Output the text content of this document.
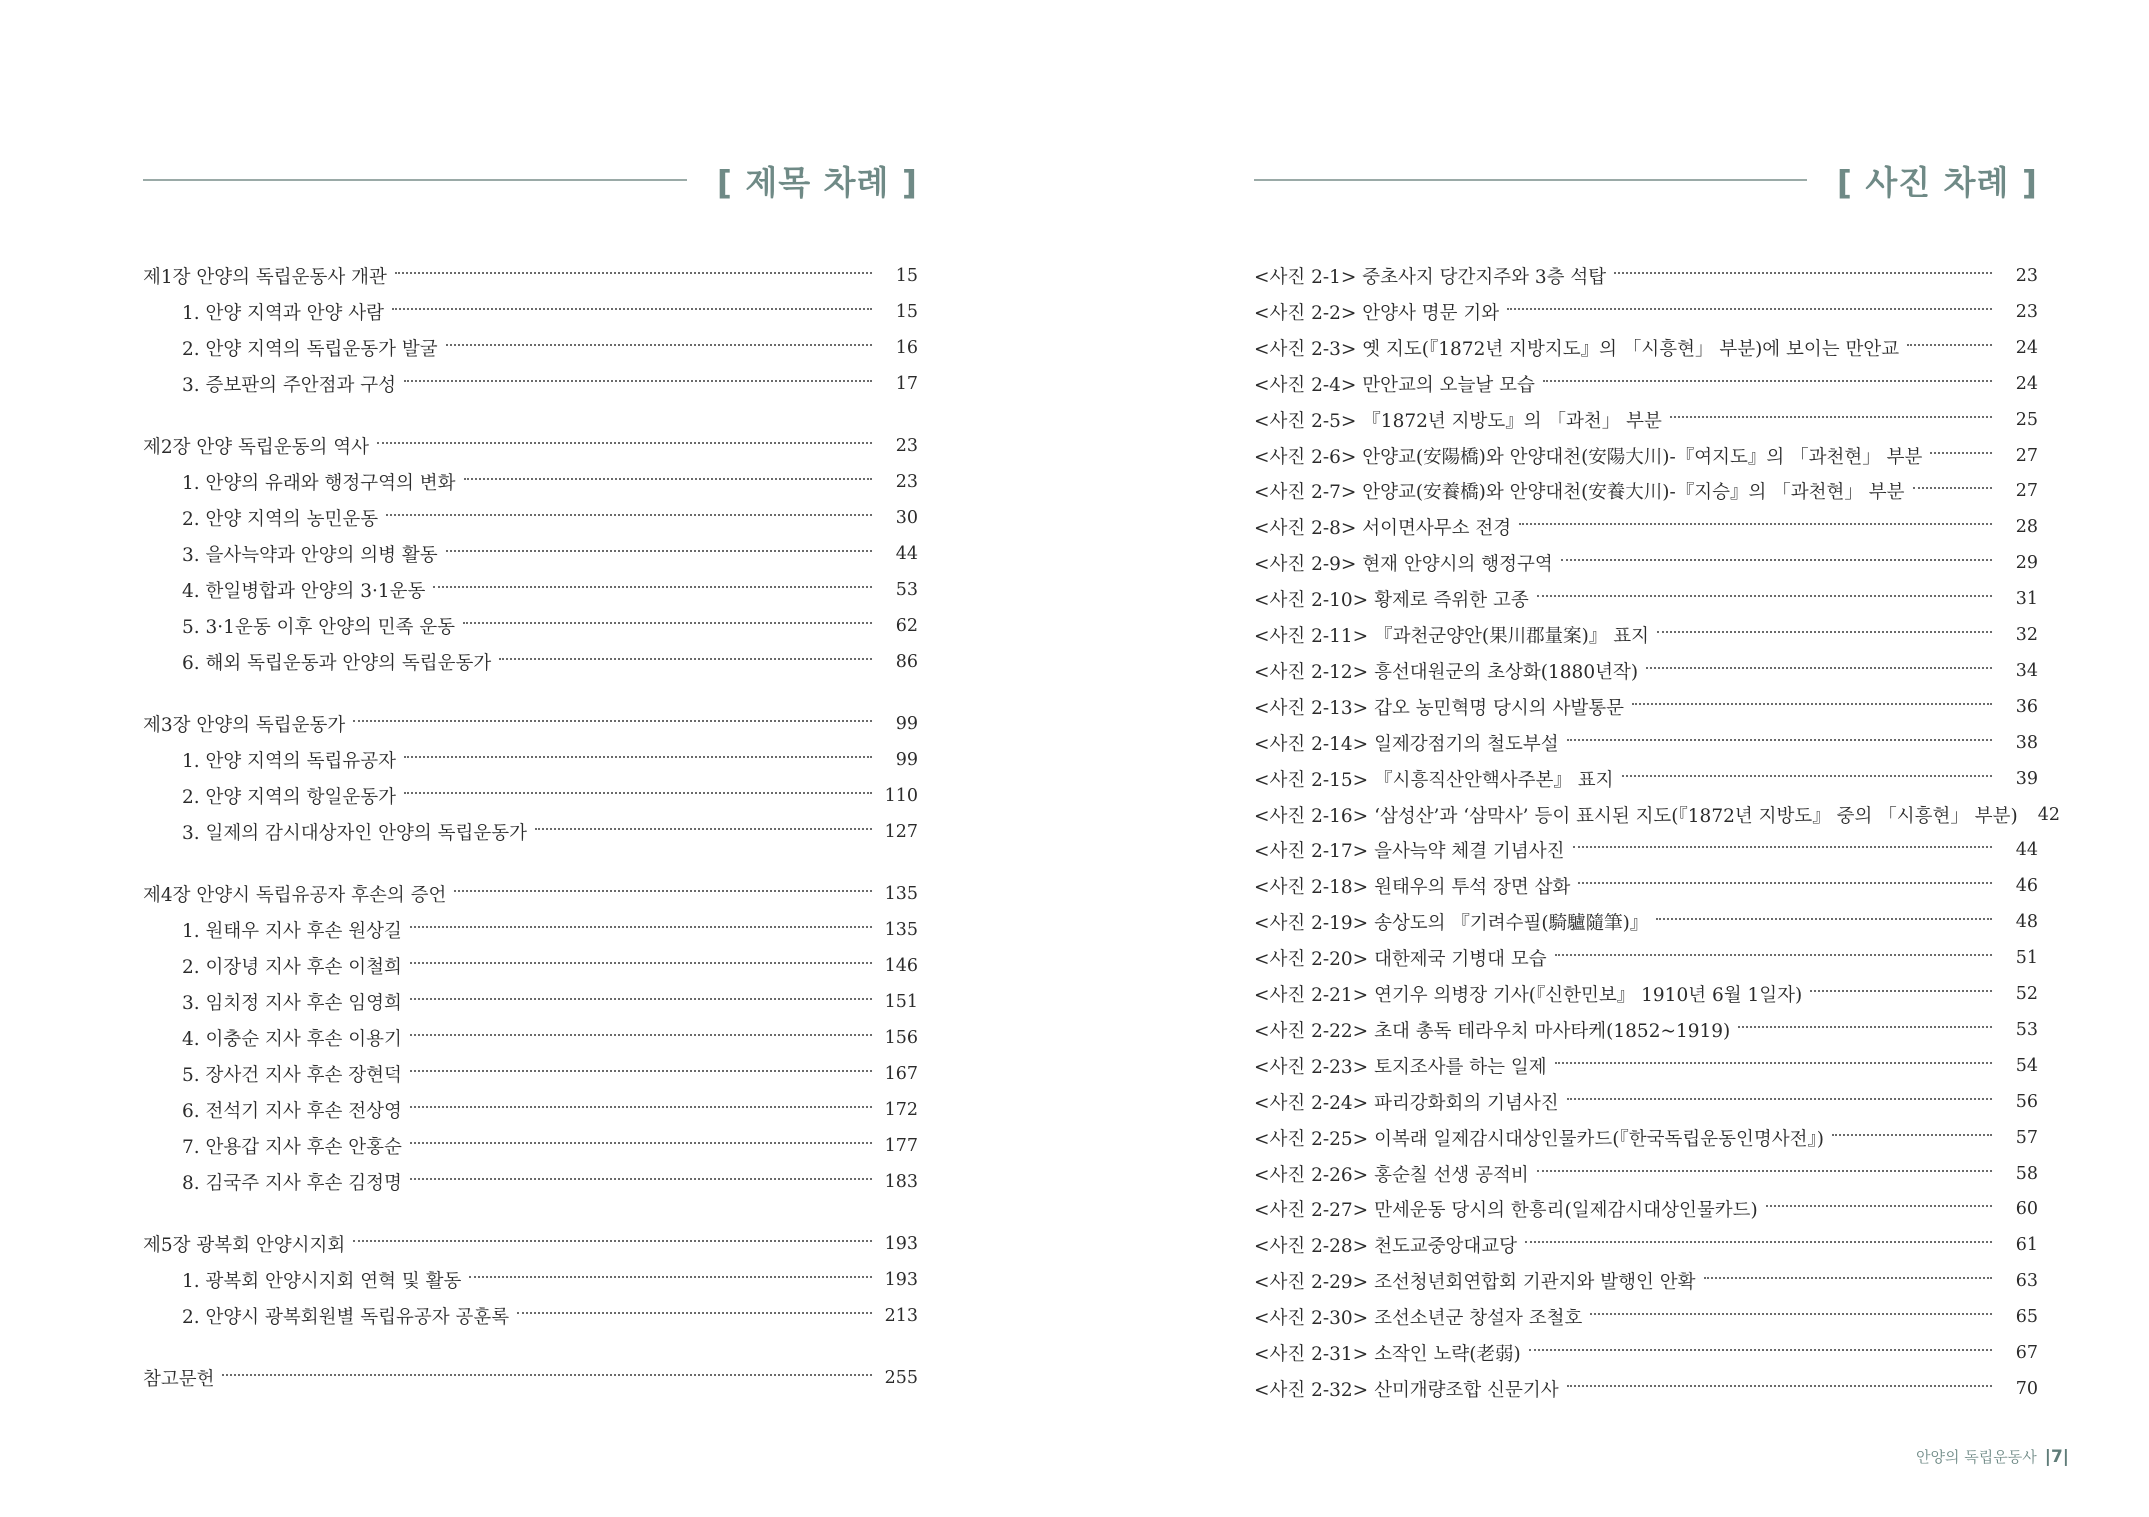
[ 제목 차례 ]
제1장 안양의 독립운동사 개관	15
1. 안양 지역과 안양 사람	15
2. 안양 지역의 독립운동가 발굴	16
3. 증보판의 주안점과 구성	17
제2장 안양 독립운동의 역사	23
1. 안양의 유래와 행정구역의 변화	23
2. 안양 지역의 농민운동	30
3. 을사늑약과 안양의 의병 활동	44
4. 한일병합과 안양의 3·1운동	53
5. 3·1운동 이후 안양의 민족 운동	62
6. 해외 독립운동과 안양의 독립운동가	86
제3장 안양의 독립운동가	99
1. 안양 지역의 독립유공자	99
2. 안양 지역의 항일운동가	110
3. 일제의 감시대상자인 안양의 독립운동가	127
제4장 안양시 독립유공자 후손의 증언	135
1. 원태우 지사 후손 원상길	135
2. 이장녕 지사 후손 이철희	146
3. 임치정 지사 후손 임영희	151
4. 이충순 지사 후손 이용기	156
5. 장사건 지사 후손 장현덕	167
6. 전석기 지사 후손 전상영	172
7. 안용갑 지사 후손 안홍순	177
8. 김국주 지사 후손 김정명	183
제5장 광복회 안양시지회	193
1. 광복회 안양시지회 연혁 및 활동	193
2. 안양시 광복회원별 독립유공자 공훈록	213
참고문헌	255
[ 사진 차례 ]
<사진 2-1> 중초사지 당간지주와 3층 석탑	23
<사진 2-2> 안양사 명문 기와	23
<사진 2-3> 옛 지도(『1872년 지방지도』의 「시흥현」 부분)에 보이는 만안교	24
<사진 2-4> 만안교의 오늘날 모습	24
<사진 2-5> 『1872년 지방도』의 「과천」 부분	25
<사진 2-6> 안양교(安陽橋)와 안양대천(安陽大川)-『여지도』의 「과천현」 부분	27
<사진 2-7> 안양교(安養橋)와 안양대천(安養大川)-『지승』의 「과천현」 부분	27
<사진 2-8> 서이면사무소 전경	28
<사진 2-9> 현재 안양시의 행정구역	29
<사진 2-10> 황제로 즉위한 고종	31
<사진 2-11> 『과천군양안(果川郡量案)』 표지	32
<사진 2-12> 흥선대원군의 초상화(1880년작)	34
<사진 2-13> 갑오 농민혁명 당시의 사발통문	36
<사진 2-14> 일제강점기의 철도부설	38
<사진 2-15> 『시흥직산안핵사주본』 표지	39
<사진 2-16> ‘삼성산’과 ‘삼막사’ 등이 표시된 지도(『1872년 지방도』 중의 「시흥현」 부분) 42
<사진 2-17> 을사늑약 체결 기념사진	44
<사진 2-18> 원태우의 투석 장면 삽화	46
<사진 2-19> 송상도의 『기려수필(騎驢隨筆)』	48
<사진 2-20> 대한제국 기병대 모습	51
<사진 2-21> 연기우 의병장 기사(『신한민보』 1910년 6월 1일자)	52
<사진 2-22> 초대 총독 테라우치 마사타케(1852~1919)	53
<사진 2-23> 토지조사를 하는 일제	54
<사진 2-24> 파리강화회의 기념사진	56
<사진 2-25> 이복래 일제감시대상인물카드(『한국독립운동인명사전』)	57
<사진 2-26> 홍순칠 선생 공적비	58
<사진 2-27> 만세운동 당시의 한흥리(일제감시대상인물카드)	60
<사진 2-28> 천도교중앙대교당	61
<사진 2-29> 조선청년회연합회 기관지와 발행인 안확	63
<사진 2-30> 조선소년군 창설자 조철호	65
<사진 2-31> 소작인 노략(老弱)	67
<사진 2-32> 산미개량조합 신문기사	70
안양의 독립운동사 |7|
